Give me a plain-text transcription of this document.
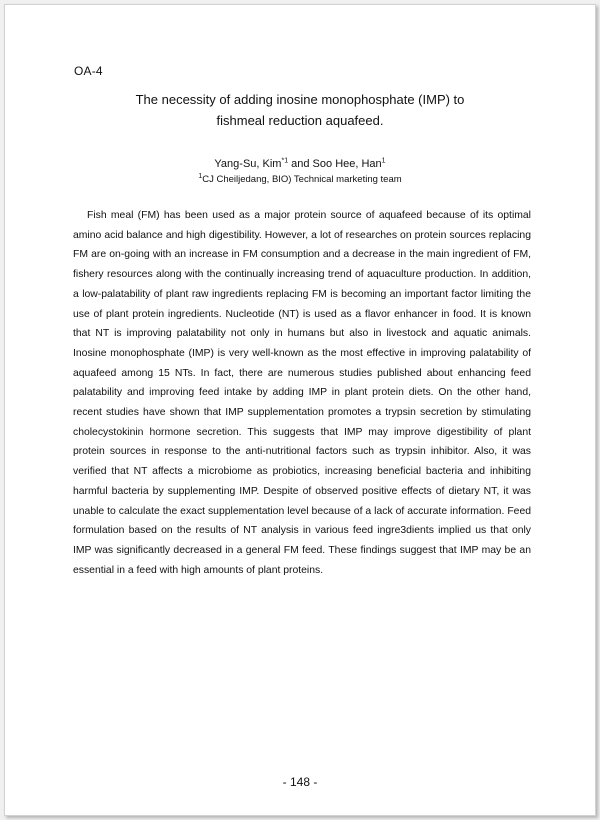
OA-4
The necessity of adding inosine monophosphate (IMP) to
fishmeal reduction aquafeed.
Yang-Su, Kim$^{*1}$ and Soo Hee, Han$^1$
$^1$CJ Cheiljedang, BIO) Technical marketing team

Fish meal (FM) has been used as a major protein source of aquafeed because of its optimal amino acid balance and high digestibility. However, a lot of researches on protein sources replacing FM are on-going with an increase in FM consumption and a decrease in the main ingredient of FM, fishery resources along with the continually increasing trend of aquaculture production. In addition, a low-palatability of plant raw ingredients replacing FM is becoming an important factor limiting the use of plant protein ingredients. Nucleotide (NT) is used as a flavor enhancer in food. It is known that NT is improving palatability not only in humans but also in livestock and aquatic animals. Inosine monophosphate (IMP) is very well-known as the most effective in improving palatability of aquafeed among 15 NTs. In fact, there are numerous studies published about enhancing feed palatability and improving feed intake by adding IMP in plant protein diets. On the other hand, recent studies have shown that IMP supplementation promotes a trypsin secretion by stimulating cholecystokinin hormone secretion. This suggests that IMP may improve digestibility of plant protein sources in response to the anti-nutritional factors such as trypsin inhibitor. Also, it was verified that NT affects a microbiome as probiotics, increasing beneficial bacteria and inhibiting harmful bacteria by supplementing IMP. Despite of observed positive effects of dietary NT, it was unable to calculate the exact supplementation level because of a lack of accurate information. Feed formulation based on the results of NT analysis in various feed ingre3dients implied us that only IMP was significantly decreased in a general FM feed. These findings suggest that IMP may be an essential in a feed with high amounts of plant proteins.

- 148 -
